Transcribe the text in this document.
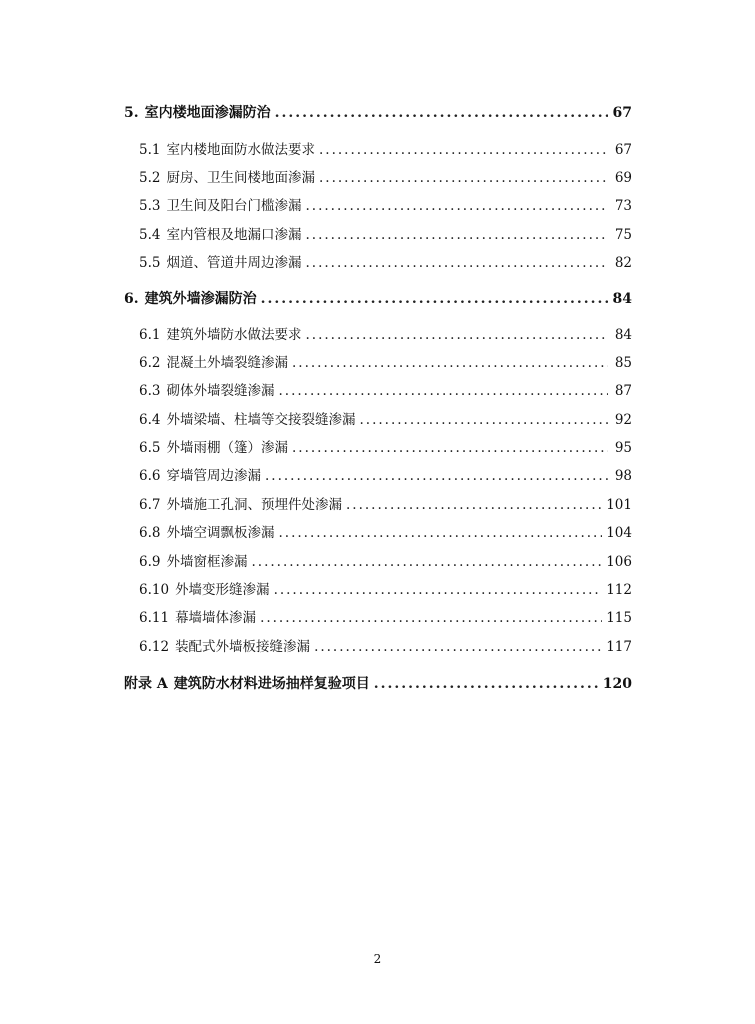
5. 室内楼地面渗漏防治 .....	67
5.1 室内楼地面防水做法要求 .....	67
5.2 厨房、卫生间楼地面渗漏 .....	69
5.3 卫生间及阳台门槛渗漏 .....	73
5.4 室内管根及地漏口渗漏 .....	75
5.5 烟道、管道井周边渗漏 .....	82
6. 建筑外墙渗漏防治 .....	84
6.1 建筑外墙防水做法要求 .....	84
6.2 混凝土外墙裂缝渗漏 .....	85
6.3 砌体外墙裂缝渗漏 .....	87
6.4 外墙梁墙、柱墙等交接裂缝渗漏 .....	92
6.5 外墙雨棚（篷）渗漏 .....	95
6.6 穿墙管周边渗漏 .....	98
6.7 外墙施工孔洞、预埋件处渗漏 .....	101
6.8 外墙空调飘板渗漏 .....	104
6.9 外墙窗框渗漏 .....	106
6.10 外墙变形缝渗漏 .....	112
6.11 幕墙墙体渗漏 .....	115
6.12 装配式外墙板接缝渗漏 .....	117
附录 A 建筑防水材料进场抽样复验项目 .....	120
2
